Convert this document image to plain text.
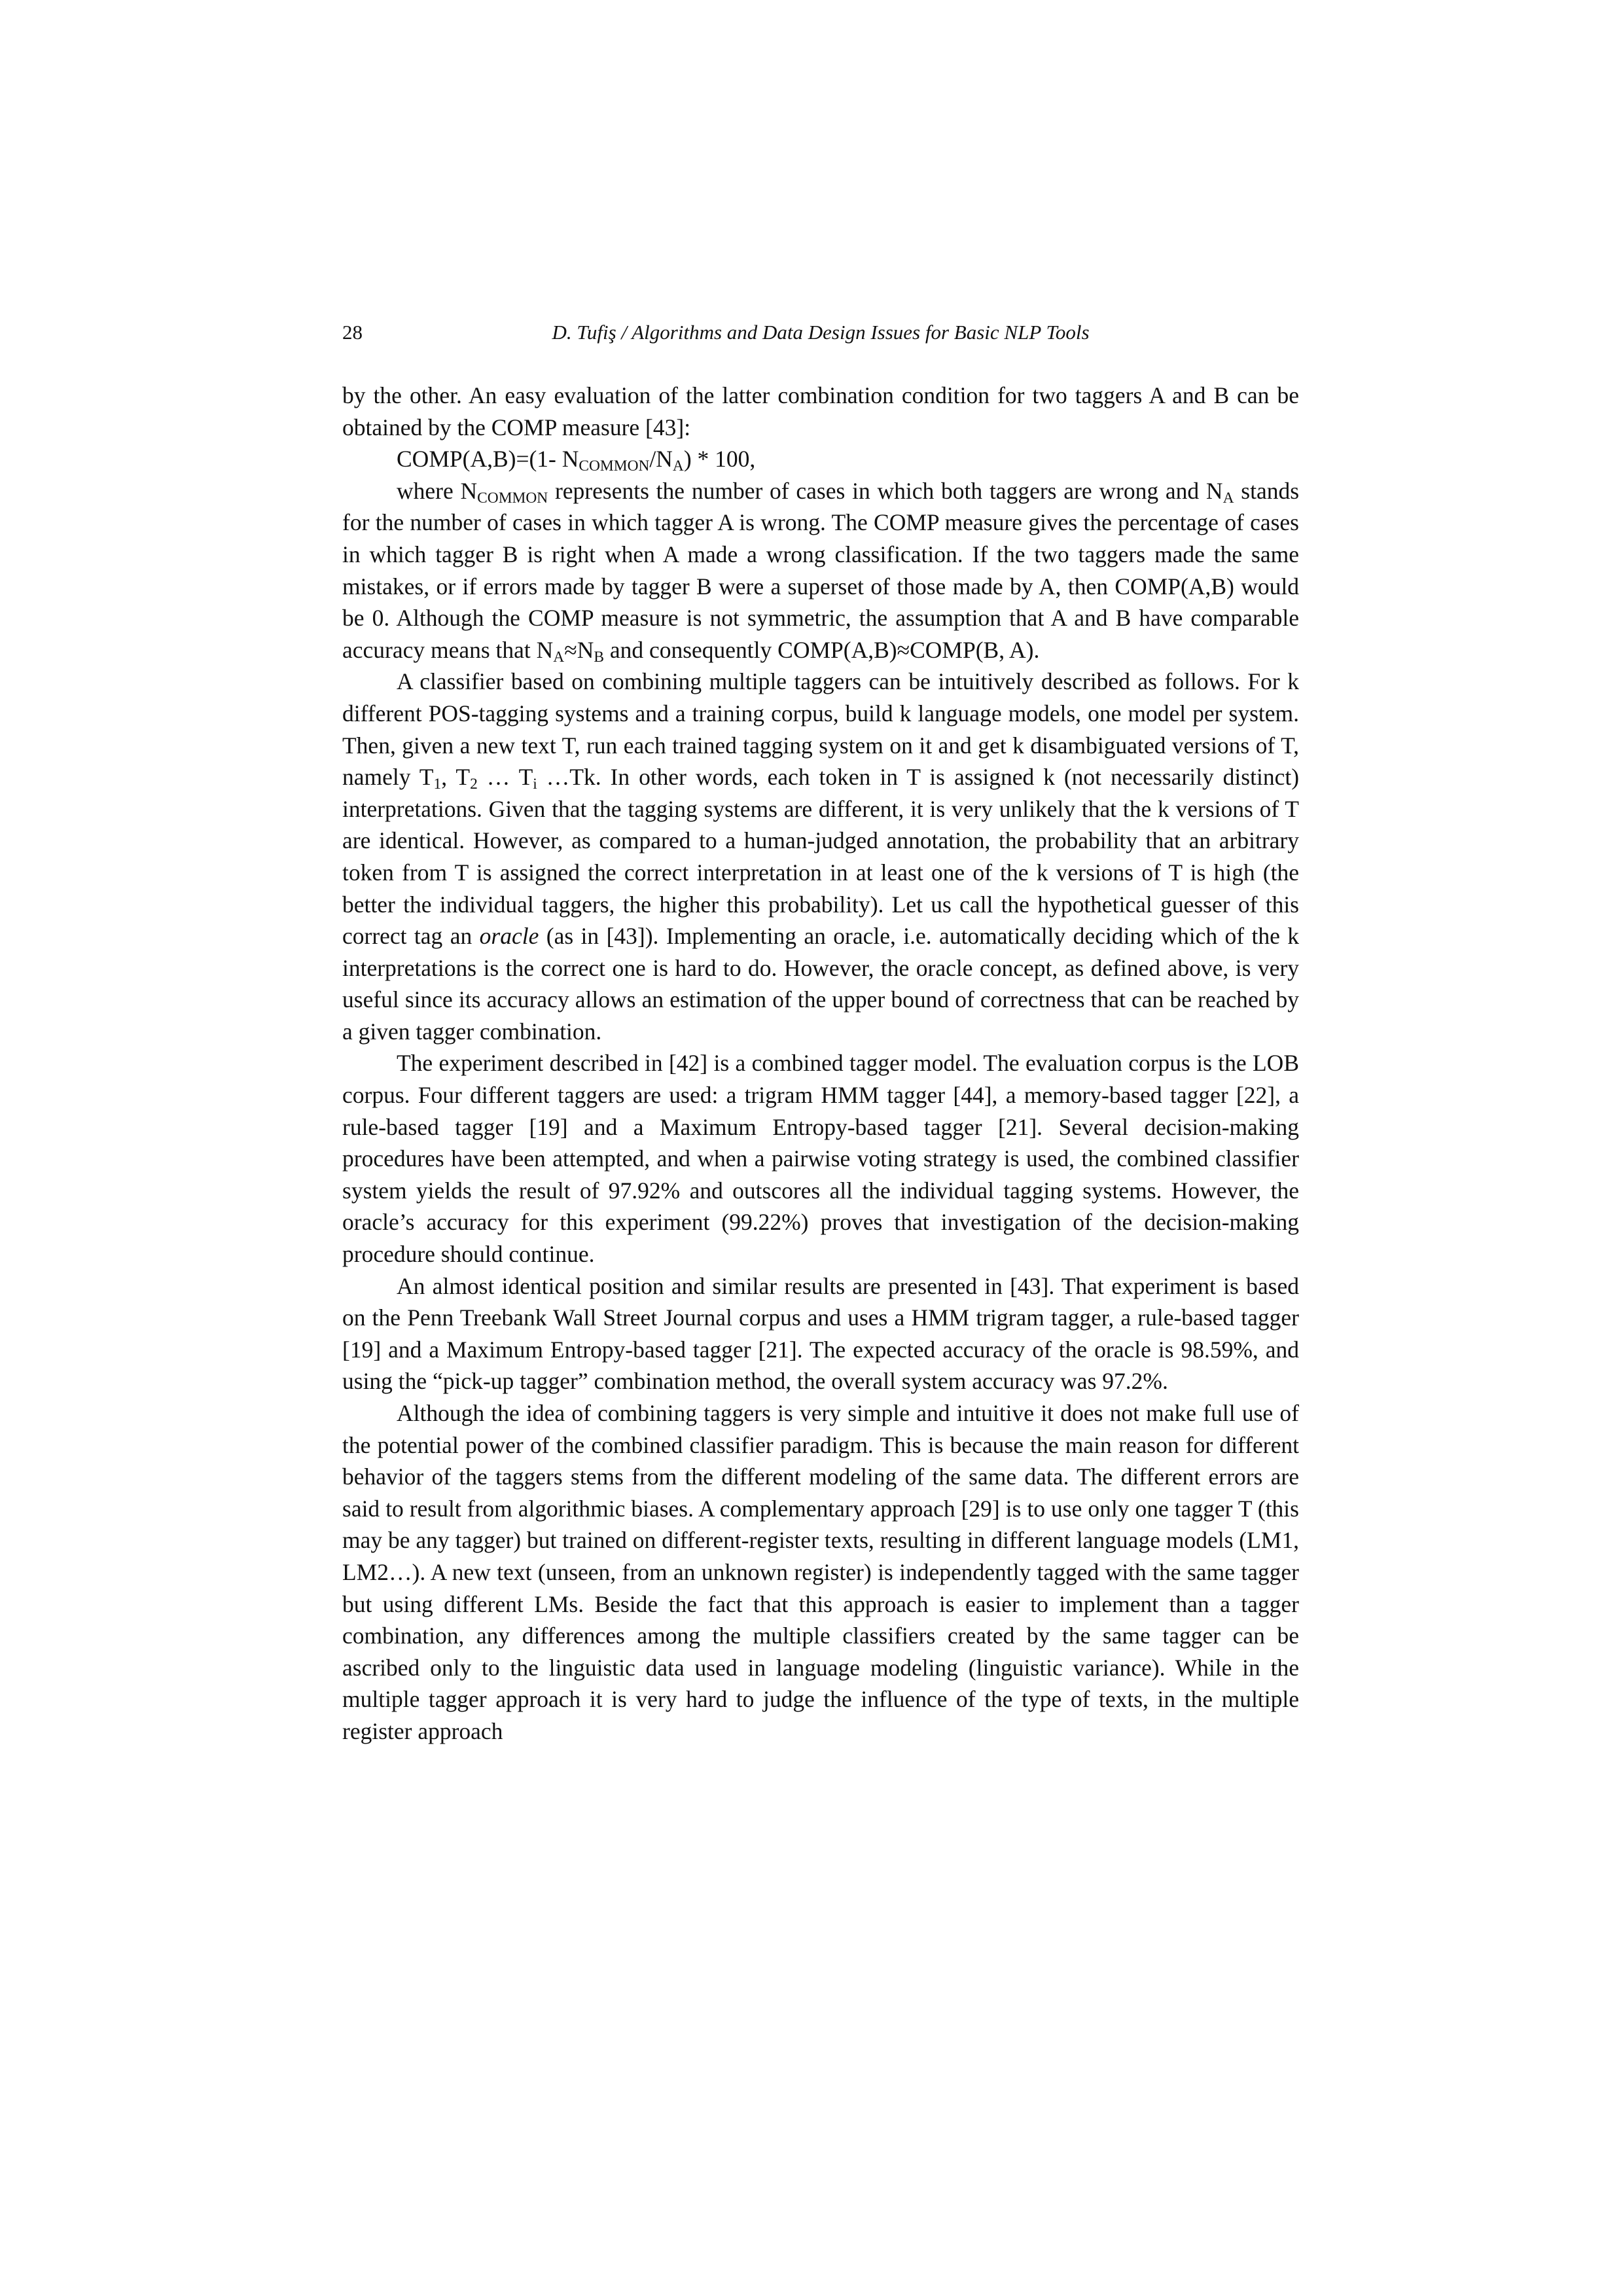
28	D. Tufiş / Algorithms and Data Design Issues for Basic NLP Tools

by the other. An easy evaluation of the latter combination condition for two taggers A and B can be obtained by the COMP measure [43]:

COMP(A,B)=(1- $N_{COMMON}/N_A) * 100$,

where $N_{COMMON}$ represents the number of cases in which both taggers are wrong and $N_A$ stands for the number of cases in which tagger A is wrong. The COMP measure gives the percentage of cases in which tagger B is right when A made a wrong classification. If the two taggers made the same mistakes, or if errors made by tagger B were a superset of those made by A, then COMP(A,B) would be 0. Although the COMP measure is not symmetric, the assumption that A and B have comparable accuracy means that $N_A\approx N_B$ and consequently COMP(A,B)≈COMP(B, A).

A classifier based on combining multiple taggers can be intuitively described as follows. For k different POS-tagging systems and a training corpus, build k language models, one model per system. Then, given a new text T, run each trained tagging system on it and get k disambiguated versions of T, namely $T_1$, $T_2$ … $T_i$ …Tk. In other words, each token in T is assigned k (not necessarily distinct) interpretations. Given that the tagging systems are different, it is very unlikely that the k versions of T are identical. However, as compared to a human-judged annotation, the probability that an arbitrary token from T is assigned the correct interpretation in at least one of the k versions of T is high (the better the individual taggers, the higher this probability). Let us call the hypothetical guesser of this correct tag an oracle (as in [43]). Implementing an oracle, i.e. automatically deciding which of the k interpretations is the correct one is hard to do. However, the oracle concept, as defined above, is very useful since its accuracy allows an estimation of the upper bound of correctness that can be reached by a given tagger combination.

The experiment described in [42] is a combined tagger model. The evaluation corpus is the LOB corpus. Four different taggers are used: a trigram HMM tagger [44], a memory-based tagger [22], a rule-based tagger [19] and a Maximum Entropy-based tagger [21]. Several decision-making procedures have been attempted, and when a pairwise voting strategy is used, the combined classifier system yields the result of 97.92% and outscores all the individual tagging systems. However, the oracle’s accuracy for this experiment (99.22%) proves that investigation of the decision-making procedure should continue.

An almost identical position and similar results are presented in [43]. That experiment is based on the Penn Treebank Wall Street Journal corpus and uses a HMM trigram tagger, a rule-based tagger [19] and a Maximum Entropy-based tagger [21]. The expected accuracy of the oracle is 98.59%, and using the “pick-up tagger” combination method, the overall system accuracy was 97.2%.

Although the idea of combining taggers is very simple and intuitive it does not make full use of the potential power of the combined classifier paradigm. This is because the main reason for different behavior of the taggers stems from the different modeling of the same data. The different errors are said to result from algorithmic biases. A complementary approach [29] is to use only one tagger T (this may be any tagger) but trained on different-register texts, resulting in different language models (LM1, LM2…). A new text (unseen, from an unknown register) is independently tagged with the same tagger but using different LMs. Beside the fact that this approach is easier to implement than a tagger combination, any differences among the multiple classifiers created by the same tagger can be ascribed only to the linguistic data used in language modeling (linguistic variance). While in the multiple tagger approach it is very hard to judge the influence of the type of texts, in the multiple register approach
